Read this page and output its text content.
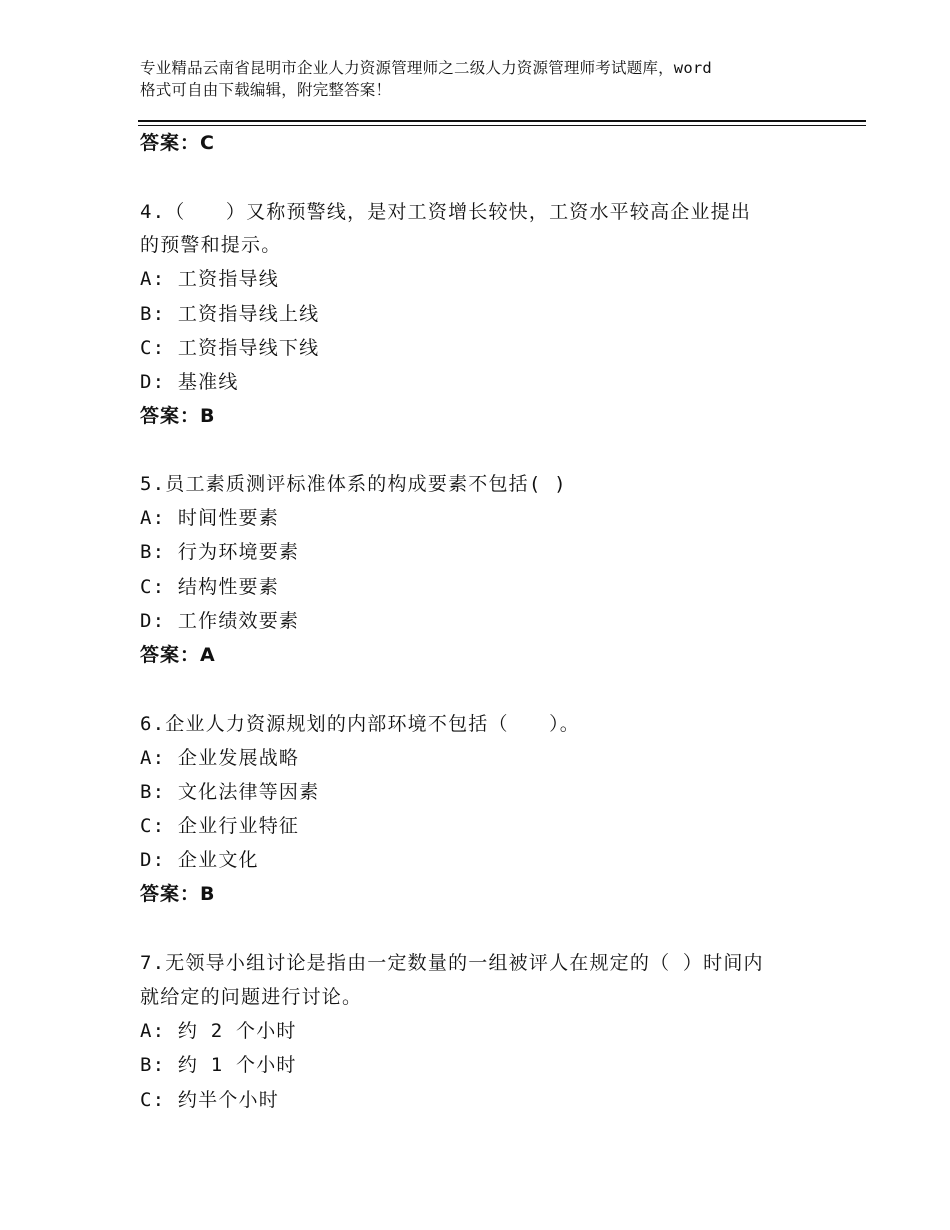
专业精品云南省昆明市企业人力资源管理师之二级人力资源管理师考试题库，word
格式可自由下载编辑，附完整答案！
答案：C
4.（　　）又称预警线，是对工资增长较快，工资水平较高企业提出
的预警和提示。
A: 工资指导线
B: 工资指导线上线
C: 工资指导线下线
D: 基准线
答案：B
5.员工素质测评标准体系的构成要素不包括( )
A: 时间性要素
B: 行为环境要素
C: 结构性要素
D: 工作绩效要素
答案：A
6.企业人力资源规划的内部环境不包括（　　）。
A: 企业发展战略
B: 文化法律等因素
C: 企业行业特征
D: 企业文化
答案：B
7.无领导小组讨论是指由一定数量的一组被评人在规定的（ ）时间内
就给定的问题进行讨论。
A: 约 2 个小时
B: 约 1 个小时
C: 约半个小时
